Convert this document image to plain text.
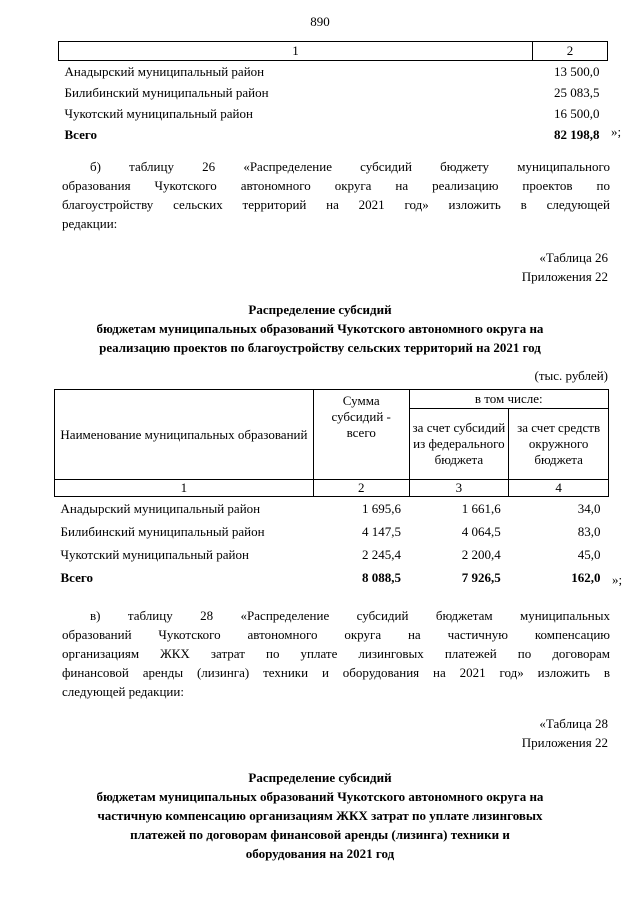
890
1	2
Анадырский муниципальный район	13 500,0
Билибинский муниципальный район	25 083,5
Чукотский муниципальный район	16 500,0
Всего	82 198,8 »;
б) таблицу 26 «Распределение субсидий бюджету муниципального
образования Чукотского автономного округа на реализацию проектов по
благоустройству сельских территорий на 2021 год» изложить в следующей
редакции:
«Таблица 26
Приложения 22
Распределение субсидий
бюджетам муниципальных образований Чукотского автономного округа на
реализацию проектов по благоустройству сельских территорий на 2021 год
(тыс. рублей)
Наименование муниципальных образований	Сумма субсидий - всего	в том числе:	
		за счет субсидий из федерального бюджета	за счет средств окружного бюджета
1	2	3	4
Анадырский муниципальный район	1 695,6	1 661,6	34,0
Билибинский муниципальный район	4 147,5	4 064,5	83,0
Чукотский муниципальный район	2 245,4	2 200,4	45,0
Всего	8 088,5	7 926,5	162,0 »;
в) таблицу 28 «Распределение субсидий бюджетам муниципальных
образований Чукотского автономного округа на частичную компенсацию
организациям ЖКХ затрат по уплате лизинговых платежей по договорам
финансовой аренды (лизинга) техники и оборудования на 2021 год» изложить в
следующей редакции:
«Таблица 28
Приложения 22
Распределение субсидий
бюджетам муниципальных образований Чукотского автономного округа на
частичную компенсацию организациям ЖКХ затрат по уплате лизинговых
платежей по договорам финансовой аренды (лизинга) техники и
оборудования на 2021 год
